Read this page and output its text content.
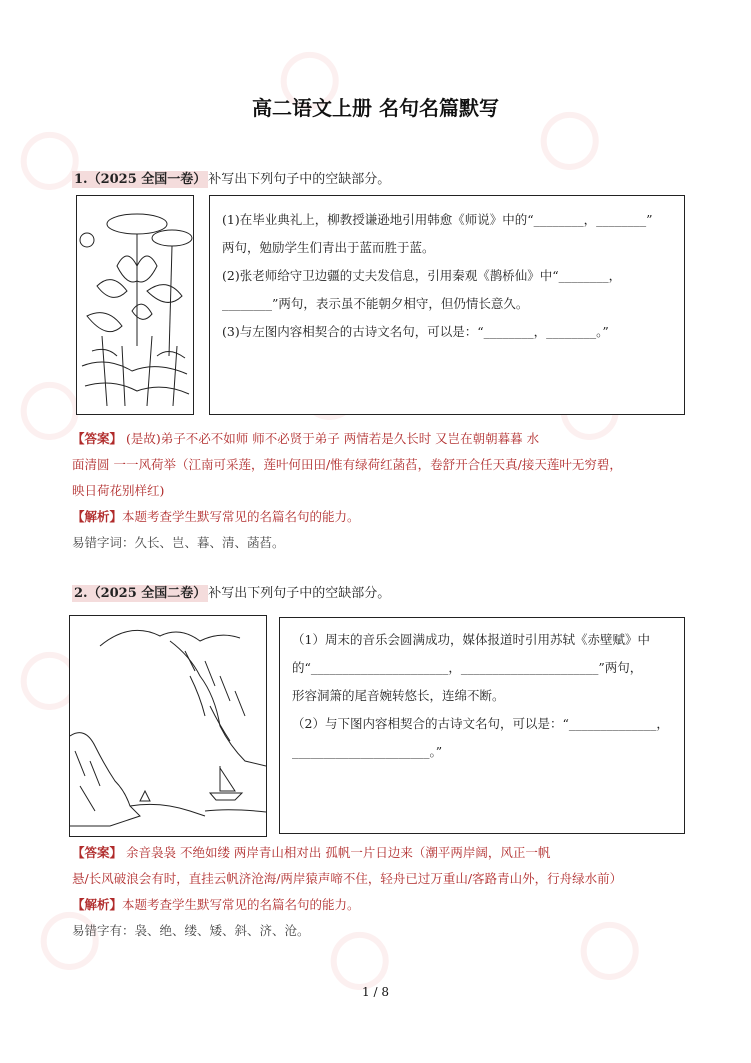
高二语文上册 名句名篇默写
1.（2025 全国一卷） 补写出下列句子中的空缺部分。

(1)在毕业典礼上，柳教授谦逊地引用韩愈《师说》中的“________，________”

两句，勉励学生们青出于蓝而胜于蓝。

(2)张老师给守卫边疆的丈夫发信息，引用秦观《鹊桥仙》中“________，

________”两句，表示虽不能朝夕相守，但仍情长意久。

(3)与左图内容相契合的古诗文名句，可以是：“________，________。”

【答案】 (是故)弟子不必不如师 师不必贤于弟子 两情若是久长时 又岂在朝朝暮暮 水
面清圆 一一风荷举（江南可采莲，莲叶何田田/惟有绿荷红菡萏，卷舒开合任天真/接天莲叶无穷碧，
映日荷花别样红)
【解析】本题考查学生默写常见的名篇名句的能力。
易错字词：久长、岂、暮、清、菡萏。
2.（2025 全国二卷） 补写出下列句子中的空缺部分。

（1）周末的音乐会圆满成功，媒体报道时引用苏轼《赤壁赋》中

的“______________________，______________________”两句，

形容洞箫的尾音婉转悠长，连绵不断。

（2）与下图内容相契合的古诗文名句，可以是：“______________，

______________________。”

【答案】 余音袅袅 不绝如缕 两岸青山相对出 孤帆一片日边来（潮平两岸阔，风正一帆
悬/长风破浪会有时，直挂云帆济沧海/两岸猿声啼不住，轻舟已过万重山/客路青山外，行舟绿水前）
【解析】本题考查学生默写常见的名篇名句的能力。
易错字有：袅、绝、缕、矮、斜、济、沧。
1 / 8
